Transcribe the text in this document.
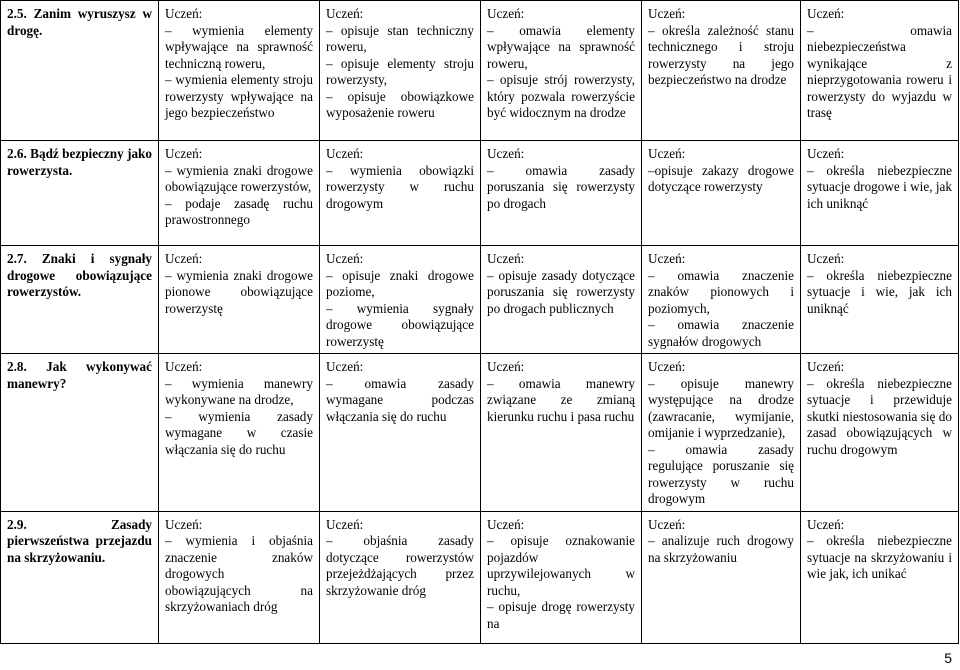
2.5. Zanim wyruszysz w drogę.	Uczeń:
– wymienia elementy wpływające na sprawność techniczną roweru,
– wymienia elementy stroju rowerzysty wpływające na jego bezpieczeństwo	Uczeń:
– opisuje stan techniczny roweru,
– opisuje elementy stroju rowerzysty,
– opisuje obowiązkowe wyposażenie roweru	Uczeń:
– omawia elementy wpływające na sprawność roweru,
– opisuje strój rowerzysty, który pozwala rowerzyście być widocznym na drodze	Uczeń:
– określa zależność stanu technicznego i stroju rowerzysty na jego bezpieczeństwo na drodze	Uczeń:
– omawia niebezpieczeństwa wynikające z nieprzygotowania roweru i rowerzysty do wyjazdu w trasę

2.6. Bądź bezpieczny jako rowerzysta.	Uczeń:
– wymienia znaki drogowe obowiązujące rowerzystów,
– podaje zasadę ruchu prawostronnego	Uczeń:
– wymienia obowiązki rowerzysty w ruchu drogowym	Uczeń:
– omawia zasady poruszania się rowerzysty po drogach	Uczeń:
–opisuje zakazy drogowe dotyczące rowerzysty	Uczeń:
– określa niebezpieczne sytuacje drogowe i wie, jak ich uniknąć

2.7. Znaki i sygnały drogowe obowiązujące rowerzystów.	Uczeń:
– wymienia znaki drogowe pionowe obowiązujące rowerzystę	Uczeń:
– opisuje znaki drogowe poziome,
– wymienia sygnały drogowe obowiązujące rowerzystę	Uczeń:
– opisuje zasady dotyczące poruszania się rowerzysty po drogach publicznych	Uczeń:
– omawia znaczenie znaków pionowych i poziomych,
– omawia znaczenie sygnałów drogowych	Uczeń:
– określa niebezpieczne sytuacje i wie, jak ich uniknąć

2.8. Jak wykonywać manewry?	Uczeń:
– wymienia manewry wykonywane na drodze,
– wymienia zasady wymagane w czasie włączania się do ruchu	Uczeń:
– omawia zasady wymagane podczas włączania się do ruchu	Uczeń:
– omawia manewry związane ze zmianą kierunku ruchu i pasa ruchu	Uczeń:
– opisuje manewry występujące na drodze (zawracanie, wymijanie, omijanie i wyprzedzanie),
– omawia zasady regulujące poruszanie się rowerzysty w ruchu drogowym	Uczeń:
– określa niebezpieczne sytuacje i przewiduje skutki niestosowania się do zasad obowiązujących w ruchu drogowym

2.9. Zasady pierwszeństwa przejazdu na skrzyżowaniu.	Uczeń:
– wymienia i objaśnia znaczenie znaków drogowych obowiązujących na skrzyżowaniach dróg	Uczeń:
– objaśnia zasady dotyczące rowerzystów przejeżdżających przez skrzyżowanie dróg	Uczeń:
– opisuje oznakowanie pojazdów uprzywilejowanych w ruchu,
– opisuje drogę rowerzysty na	Uczeń:
– analizuje ruch drogowy na skrzyżowaniu	Uczeń:
– określa niebezpieczne sytuacje na skrzyżowaniu i wie jak, ich unikać
5
